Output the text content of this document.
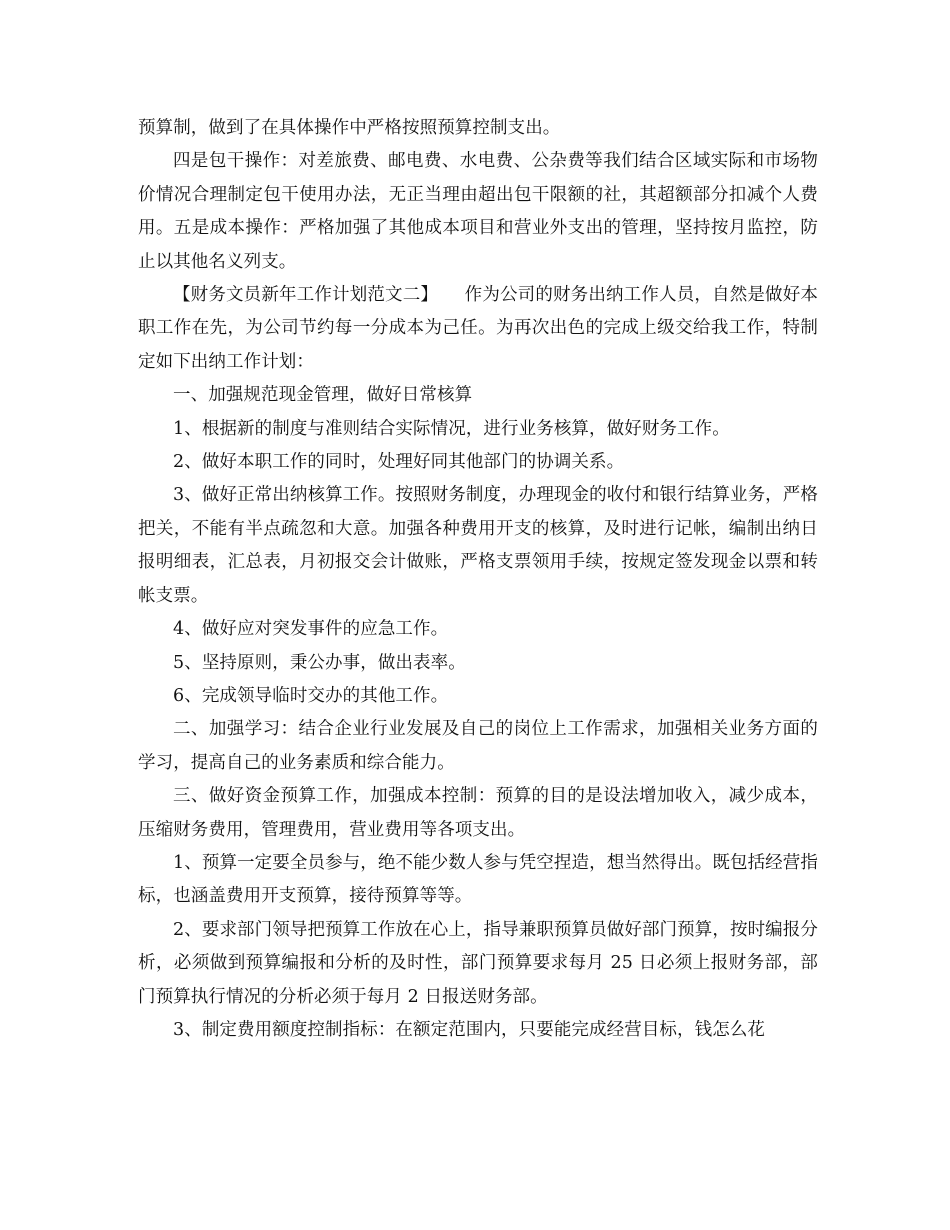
预算制，做到了在具体操作中严格按照预算控制支出。

四是包干操作：对差旅费、邮电费、水电费、公杂费等我们结合区域实际和市场物价情况合理制定包干使用办法，无正当理由超出包干限额的社，其超额部分扣减个人费用。五是成本操作：严格加强了其他成本项目和营业外支出的管理，坚持按月监控，防止以其他名义列支。

【财务文员新年工作计划范文二】　　作为公司的财务出纳工作人员，自然是做好本职工作在先，为公司节约每一分成本为己任。为再次出色的完成上级交给我工作，特制定如下出纳工作计划：

一、加强规范现金管理，做好日常核算

1、根据新的制度与准则结合实际情况，进行业务核算，做好财务工作。

2、做好本职工作的同时，处理好同其他部门的协调关系。

3、做好正常出纳核算工作。按照财务制度，办理现金的收付和银行结算业务，严格把关，不能有半点疏忽和大意。加强各种费用开支的核算，及时进行记帐，编制出纳日报明细表，汇总表，月初报交会计做账，严格支票领用手续，按规定签发现金以票和转帐支票。

4、做好应对突发事件的应急工作。

5、坚持原则，秉公办事，做出表率。

6、完成领导临时交办的其他工作。

二、加强学习：结合企业行业发展及自己的岗位上工作需求，加强相关业务方面的学习，提高自己的业务素质和综合能力。

三、做好资金预算工作，加强成本控制：预算的目的是设法增加收入，减少成本，压缩财务费用，管理费用，营业费用等各项支出。

1、预算一定要全员参与，绝不能少数人参与凭空捏造，想当然得出。既包括经营指标，也涵盖费用开支预算，接待预算等等。

2、要求部门领导把预算工作放在心上，指导兼职预算员做好部门预算，按时编报分析，必须做到预算编报和分析的及时性，部门预算要求每月 25 日必须上报财务部，部门预算执行情况的分析必须于每月 2 日报送财务部。

3、制定费用额度控制指标：在额定范围内，只要能完成经营目标，钱怎么花
